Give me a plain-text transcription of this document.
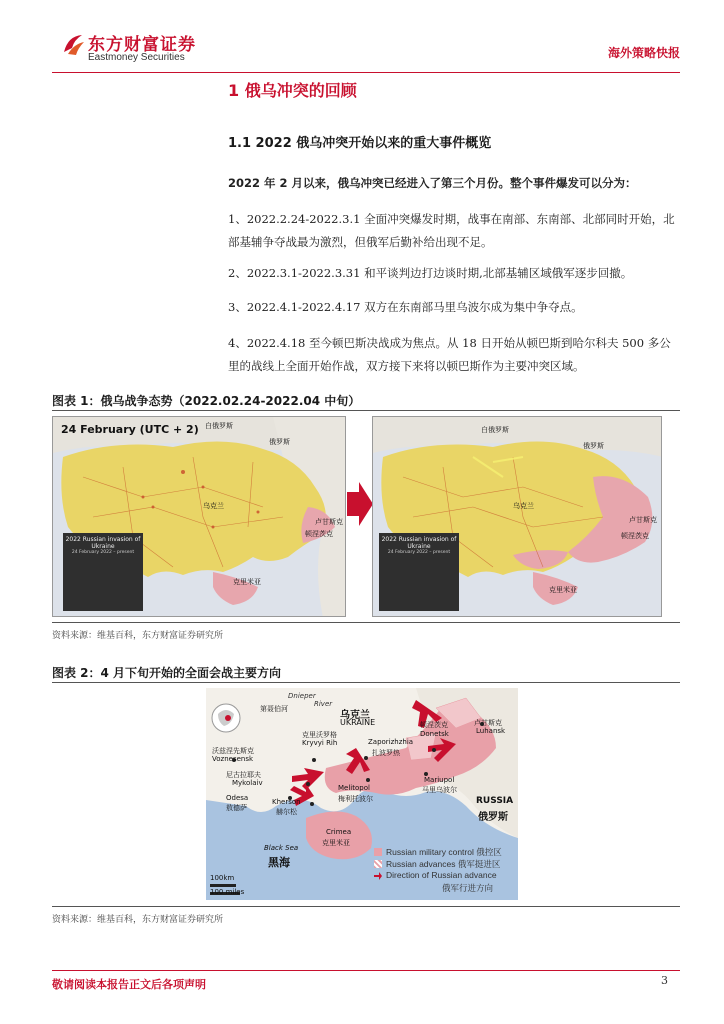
东方财富证券
Eastmoney Securities	海外策略快报
1 俄乌冲突的回顾
1.1 2022 俄乌冲突开始以来的重大事件概览
2022 年 2 月以来，俄乌冲突已经进入了第三个月份。整个事件爆发可以分为：
1、2022.2.24-2022.3.1 全面冲突爆发时期，战事在南部、东南部、北部同时开始，北部基辅争夺战最为激烈，但俄军后勤补给出现不足。
2、2022.3.1-2022.3.31 和平谈判边打边谈时期,北部基辅区域俄军逐步回撤。
3、2022.4.1-2022.4.17 双方在东南部马里乌波尔成为集中争夺点。
4、2022.4.18 至今顿巴斯决战成为焦点。从 18 日开始从顿巴斯到哈尔科夫 500 多公里的战线上全面开始作战，双方接下来将以顿巴斯作为主要冲突区域。
图表 1：俄乌战争态势（2022.02.24-2022.04 中旬）
24 February (UTC + 2) 白俄罗斯
俄罗斯
乌克兰
卢甘斯克
顿涅茨克
克里米亚
2022 Russian invasion of Ukraine
24 February 2022 – present
白俄罗斯
俄罗斯
乌克兰
卢甘斯克
顿涅茨克
克里米亚
2022 Russian invasion of Ukraine
24 February 2022 – present
资料来源：维基百科，东方财富证券研究所
图表 2：4 月下旬开始的全面会战主要方向
Dnieper
River
第聂伯河
乌克兰
UKRAINE
克里沃罗格
Kryvyi Rih	Zaporizhzhia
扎波罗热
沃兹涅先斯克
Voznesensk
尼古拉耶夫
Mykolaiv
Odesa
敖德萨
Kherson
赫尔松
Melitopol
梅利托波尔
顿涅茨克
Donetsk
卢甘斯克
Luhansk
Mariupol
马里乌波尔
RUSSIA
俄罗斯
Crimea
克里米亚
Black Sea
黑海
100km
100 miles
Russian military control 俄控区
Russian advances 俄军挺进区
Direction of Russian advance
俄军行进方向
资料来源：维基百科，东方财富证券研究所
敬请阅读本报告正文后各项声明	3
